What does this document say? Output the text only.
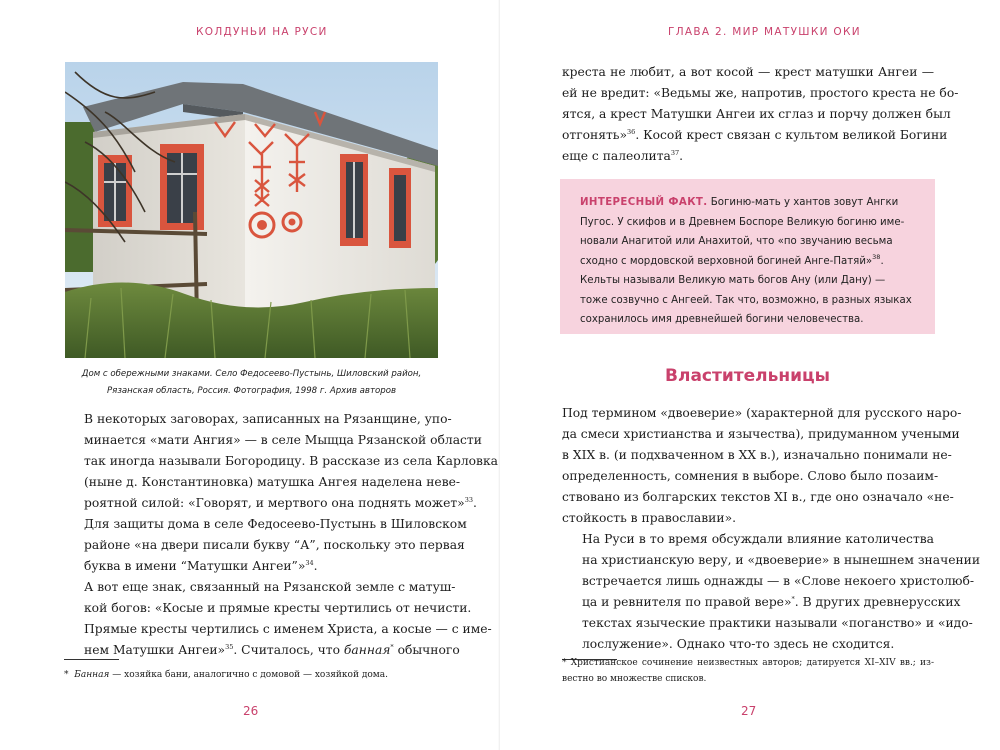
КОЛДУНЬИ НА РУСИ
Дом с обережными знаками. Село Федосеево-Пустынь, Шиловский район,
Рязанская область, Россия. Фотография, 1998 г. Архив авторов

В некоторых заговорах, записанных на Рязанщине, упо-
минается «мати Ангия» — в селе Мыщца Рязанской области
так иногда называли Богородицу. В рассказе из села Карловка
(ныне д. Константиновка) матушка Ангея наделена неве-
роятной силой: «Говорят, и мертвого она поднять может»$^{33}$.
Для защиты дома в селе Федосеево-Пустынь в Шиловском
районе «на двери писали букву “А”, поскольку это первая
буква в имени “Матушки Ангеи”»$^{34}$.

А вот еще знак, связанный на Рязанской земле с матуш-
кой богов: «Косые и прямые кресты чертились от нечисти.
Прямые кресты чертились с именем Христа, а косые — с име-
нем Матушки Ангеи»$^{35}$. Считалось, что банная* обычного

* Банная — хозяйка бани, аналогично с домовой — хозяйкой дома.
26
ГЛАВА 2. МИР МАТУШКИ ОКИ

креста не любит, а вот косой — крест матушки Ангеи —
ей не вредит: «Ведьмы же, напротив, простого креста не бо-
ятся, а крест Матушки Ангеи их сглаз и порчу должен был
отгонять»$^{36}$. Косой крест связан с культом великой Богини
еще с палеолита$^{37}$.

ИНТЕРЕСНЫЙ ФАКТ. Богиню-мать у хантов зовут Ангки
Пугос. У скифов и в Древнем Боспоре Великую богиню име-
новали Анагитой или Анахитой, что «по звучанию весьма
сходно с мордовской верховной богиней Анге-Патяй»$^{38}$.
Кельты называли Великую мать богов Ану (или Дану) —
тоже созвучно с Ангеей. Так что, возможно, в разных языках
сохранилось имя древнейшей богини человечества.
Властительницы

Под термином «двоеверие» (характерной для русского наро-
да смеси христианства и язычества), придуманном учеными
в XIX в. (и подхваченном в XX в.), изначально понимали не-
определенность, сомнения в выборе. Слово было позаим-
ствовано из болгарских текстов XI в., где оно означало «не-
стойкость в православии».

На Руси в то время обсуждали влияние католичества
на христианскую веру, и «двоеверие» в нынешнем значении
встречается лишь однажды — в «Слове некоего христолюб-
ца и ревнителя по правой вере»*. В других древнерусских
текстах языческие практики называли «поганство» и «идо-
лослужение». Однако что-то здесь не сходится.

* Христианское сочинение неизвестных авторов; датируется XI–XIV вв.; из-
вестно во множестве списков.
27
